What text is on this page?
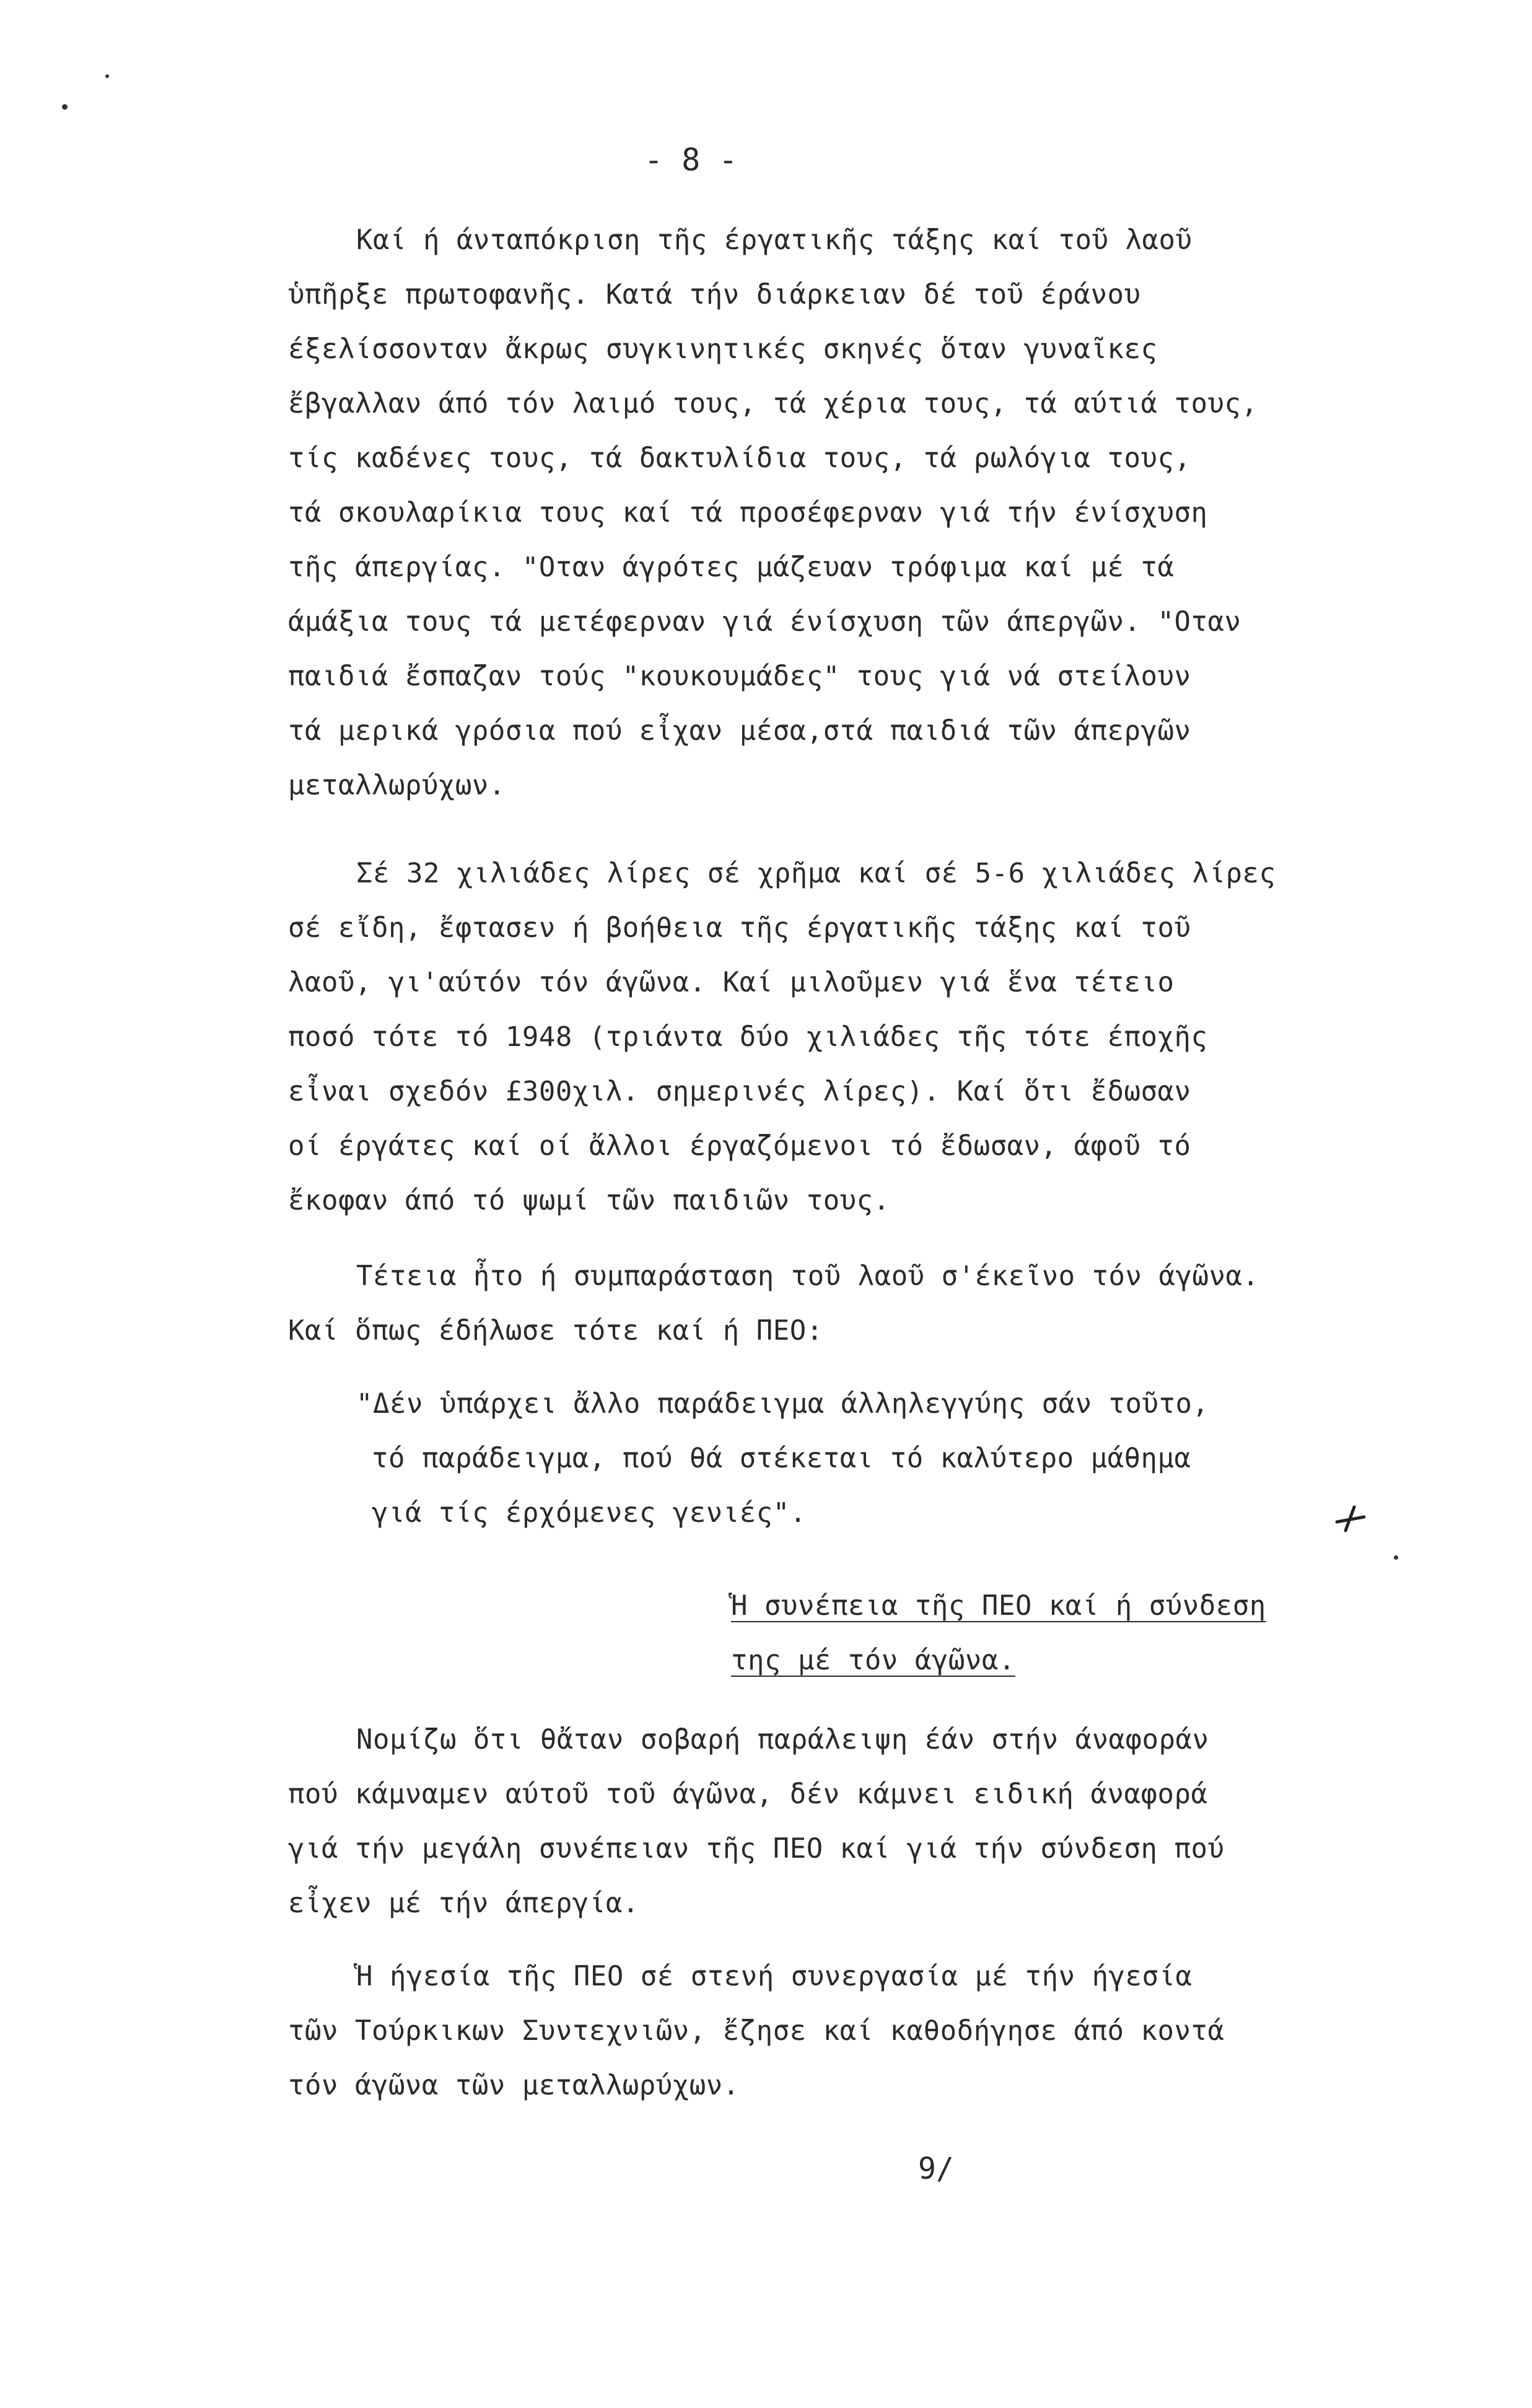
- 8 -
Καί ή άνταπόκριση τῆς έργατικῆς τάξης καί τοῦ λαοῦ
ὑπῆρξε πρωτοφανῆς. Κατά τήν διάρκειαν δέ τοῦ έράνου
έξελίσσονταν ἄκρως συγκινητικές σκηνές ὅταν γυναῖκες
ἔβγαλλαν άπό τόν λαιμό τους, τά χέρια τους, τά αύτιά τους,
τίς καδένες τους, τά δακτυλίδια τους, τά ρωλόγια τους,
τά σκουλαρίκια τους καί τά προσέφερναν γιά τήν ένίσχυση
τῆς άπεργίας. "Οταν άγρότες μάζευαν τρόφιμα καί μέ τά
άμάξια τους τά μετέφερναν γιά ένίσχυση τῶν άπεργῶν. "Οταν
παιδιά ἔσπαζαν τούς "κουκουμάδες" τους γιά νά στείλουν
τά μερικά γρόσια πού εἶχαν μέσα,στά παιδιά τῶν άπεργῶν
μεταλλωρύχων.
Σέ 32 χιλιάδες λίρες σέ χρῆμα καί σέ 5-6 χιλιάδες λίρες
σέ εἴδη, ἔφτασεν ή βοήθεια τῆς έργατικῆς τάξης καί τοῦ
λαοῦ, γι'αύτόν τόν άγῶνα. Καί μιλοῦμεν γιά ἕνα τέτειο
ποσό τότε τό 1948 (τριάντα δύο χιλιάδες τῆς τότε έποχῆς
εἶναι σχεδόν £300χιλ. σημερινές λίρες). Καί ὅτι ἔδωσαν
οί έργάτες καί οί ἄλλοι έργαζόμενοι τό ἔδωσαν, άφοῦ τό
ἔκοφαν άπό τό ψωμί τῶν παιδιῶν τους.
Τέτεια ἦτο ή συμπαράσταση τοῦ λαοῦ σ'έκεῖνο τόν άγῶνα.
Καί ὅπως έδήλωσε τότε καί ή ΠΕΟ:
"Δέν ὑπάρχει ἄλλο παράδειγμα άλληλεγγύης σάν τοῦτο,
τό παράδειγμα, πού θά στέκεται τό καλύτερο μάθημα
γιά τίς έρχόμενες γενιές".
Ἡ συνέπεια τῆς ΠΕΟ καί ή σύνδεση
της μέ τόν άγῶνα.
Νομίζω ὅτι θἄταν σοβαρή παράλειψη έάν στήν άναφοράν
πού κάμναμεν αύτοῦ τοῦ άγῶνα, δέν κάμνει ειδική άναφορά
γιά τήν μεγάλη συνέπειαν τῆς ΠΕΟ καί γιά τήν σύνδεση πού
εἶχεν μέ τήν άπεργία.
Ἡ ήγεσία τῆς ΠΕΟ σέ στενή συνεργασία μέ τήν ήγεσία
τῶν Τούρκικων Συντεχνιῶν, ἔζησε καί καθοδήγησε άπό κοντά
τόν άγῶνα τῶν μεταλλωρύχων.
9/
